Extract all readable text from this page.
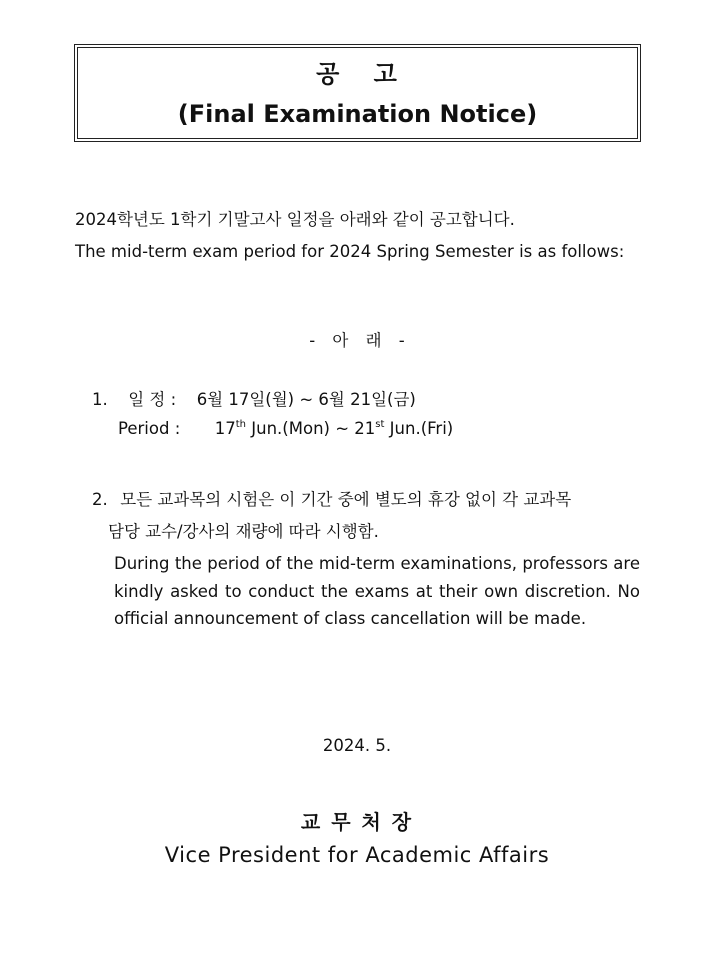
공 고
(Final Examination Notice)
2024학년도 1학기 기말고사 일정을 아래와 같이 공고합니다.
The mid-term exam period for 2024 Spring Semester is as follows:
- 아 래 -
1. 일 정 : 6월 17일(월) ~ 6월 21일(금)
Period : 17th Jun.(Mon) ~ 21st Jun.(Fri)
2. 모든 교과목의 시험은 이 기간 중에 별도의 휴강 없이 각 교과목
담당 교수/강사의 재량에 따라 시행함.
During the period of the mid-term examinations, professors are kindly asked to conduct the exams at their own discretion. No official announcement of class cancellation will be made.
2024. 5.
교 무 처 장
Vice President for Academic Affairs
